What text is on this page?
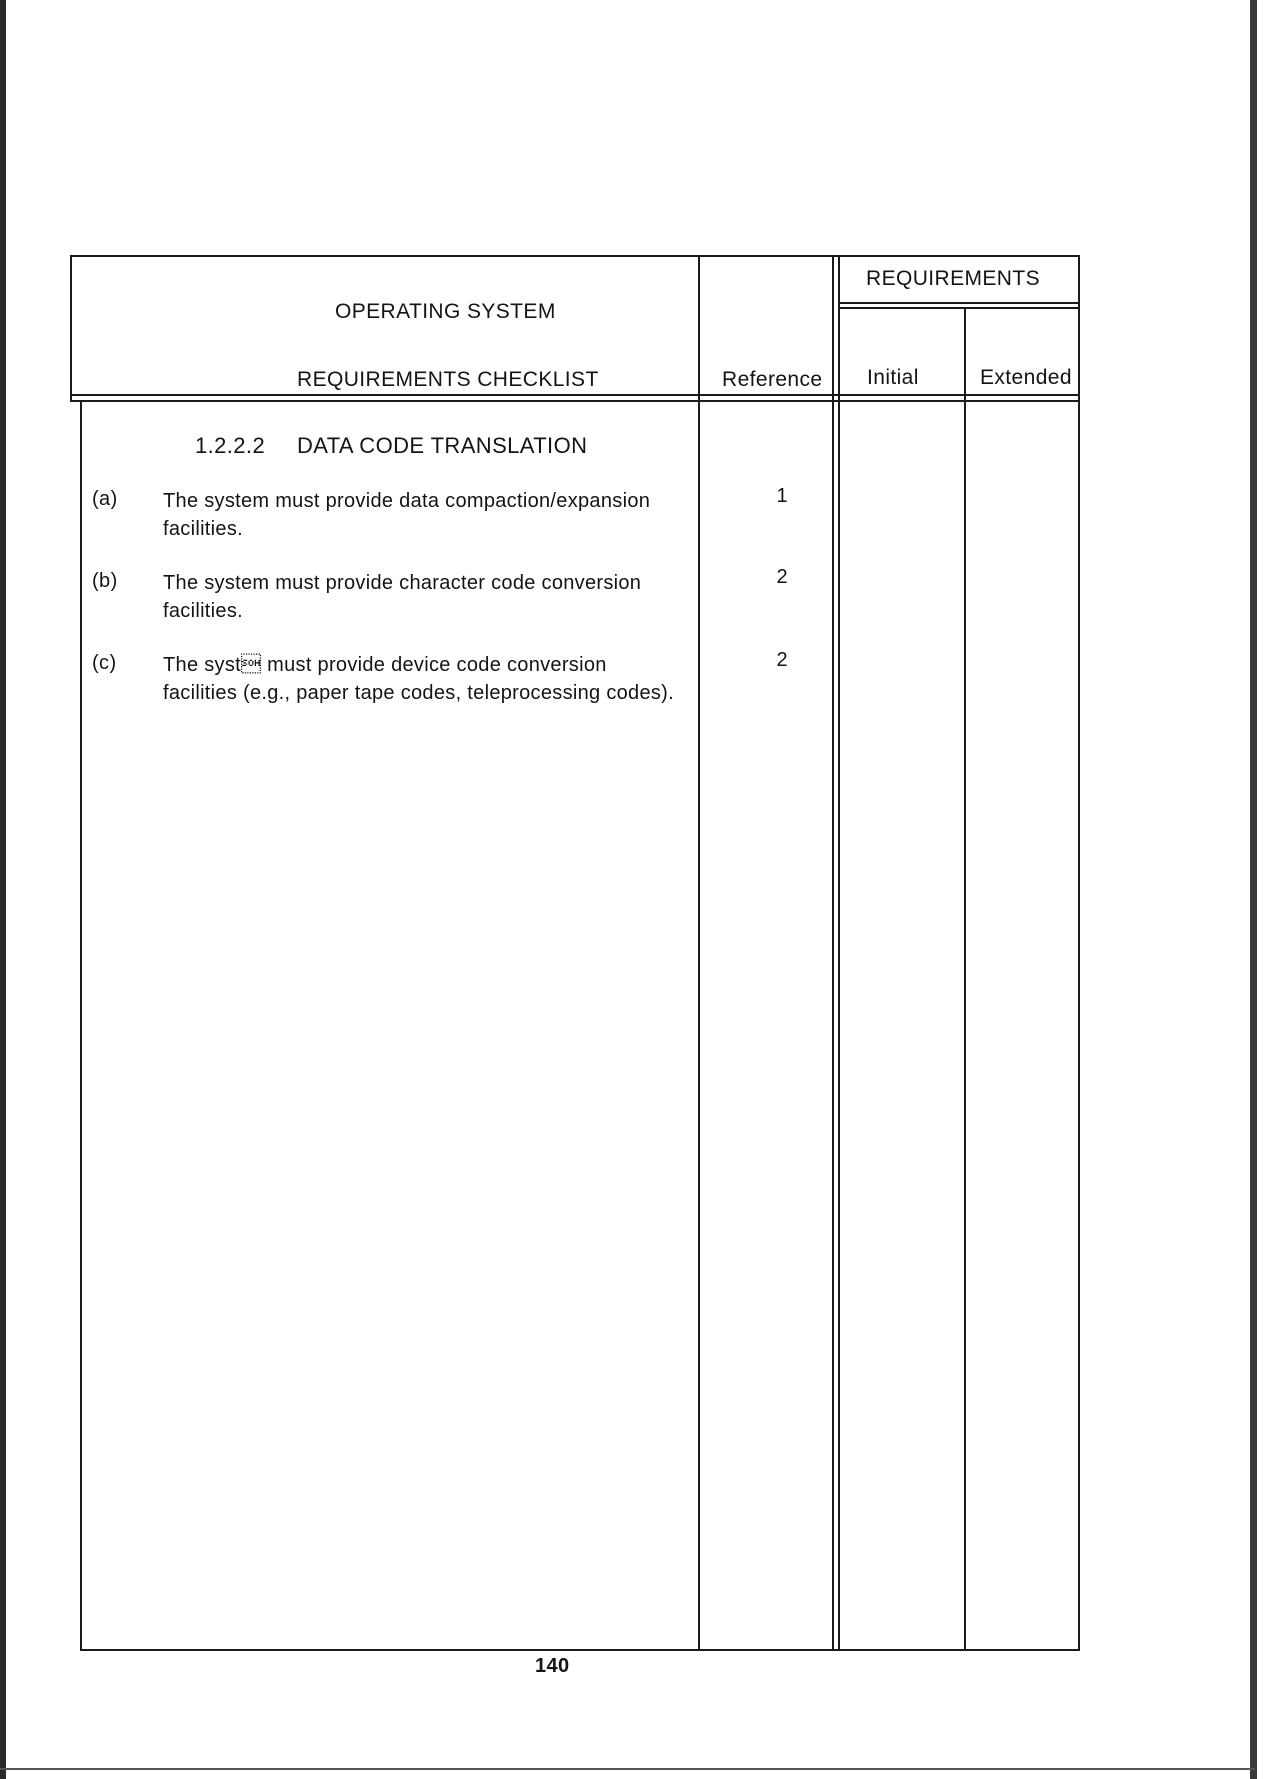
OPERATING SYSTEM
REQUIREMENTS CHECKLIST	Reference
REQUIREMENTS
Initial	Extended
1.2.2.2 DATA CODE TRANSLATION
(a) The system must provide data compaction/expansion facilities.
1
(b) The system must provide character code conversion facilities.
2
(c) The syst must provide device code conversion facilities (e.g., paper tape codes, teleprocessing codes).
2
140
